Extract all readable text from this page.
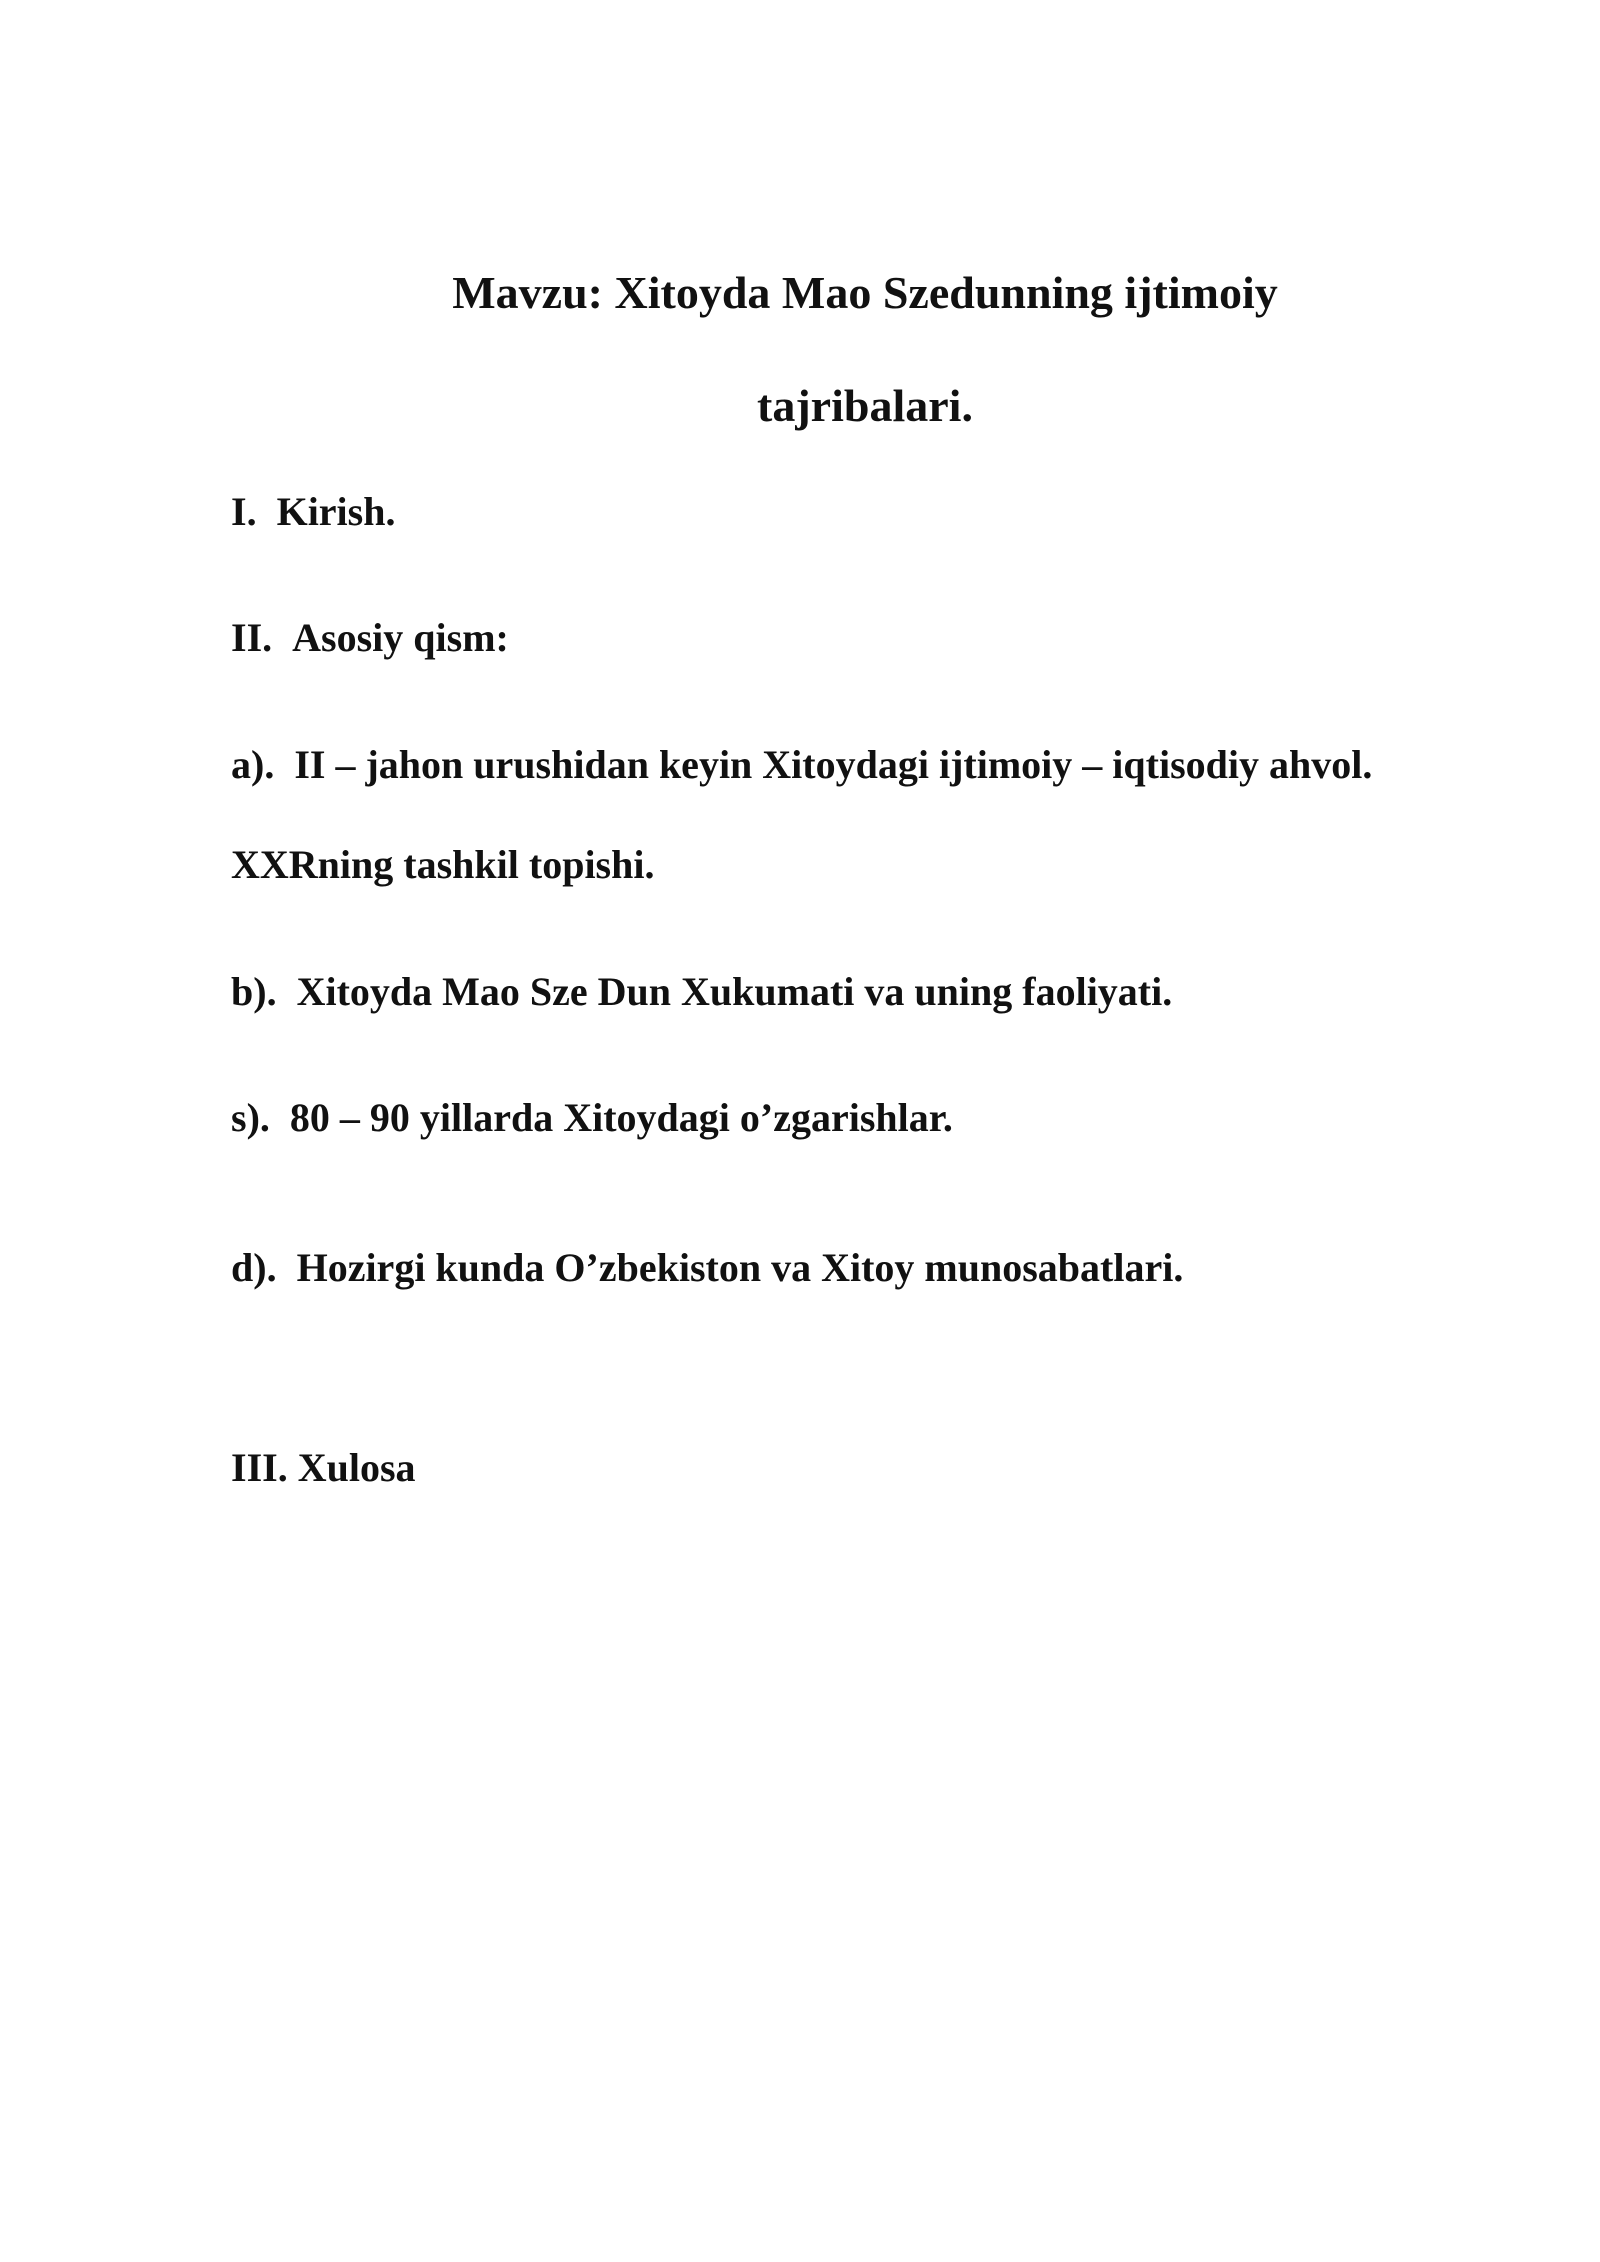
Mavzu: Xitoyda Mao Szedunning ijtimoiy
tajribalari.
I. Kirish.
II. Asosiy qism:
a). II – jahon urushidan keyin Xitoydagi ijtimoiy – iqtisodiy ahvol.
XXRning tashkil topishi.
b). Xitoyda Mao Sze Dun Xukumati va uning faoliyati.
s). 80 – 90 yillarda Xitoydagi o’zgarishlar.
d). Hozirgi kunda O’zbekiston va Xitoy munosabatlari.
III. Xulosa
